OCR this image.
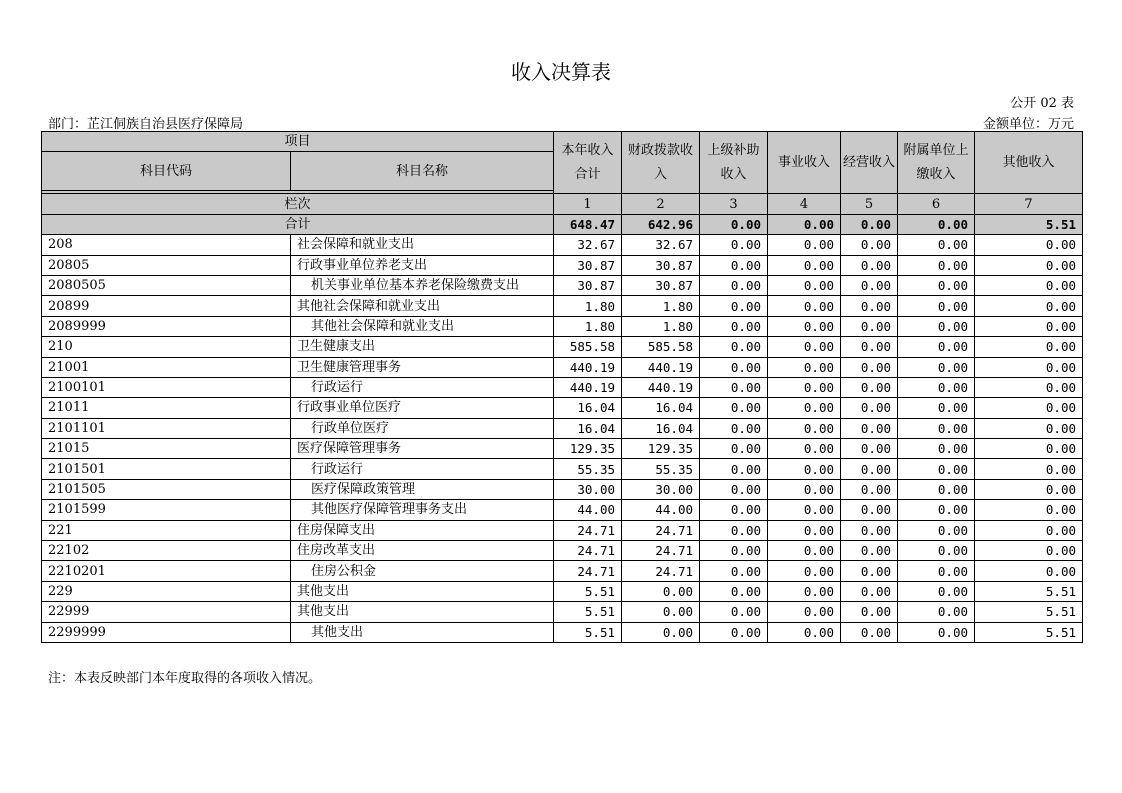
收入决算表
公开 02 表
部门：芷江侗族自治县医疗保障局	金额单位：万元
项目		本年收入合计	财政拨款收入	上级补助收入	事业收入	经营收入	附属单位上缴收入	其他收入
科目代码	科目名称							

栏次		1	2	3	4	5	6	7
合计		648.47	642.96	0.00	0.00	0.00	0.00	5.51
208	社会保障和就业支出	32.67	32.67	0.00	0.00	0.00	0.00	0.00
20805	行政事业单位养老支出	30.87	30.87	0.00	0.00	0.00	0.00	0.00
2080505	机关事业单位基本养老保险缴费支出	30.87	30.87	0.00	0.00	0.00	0.00	0.00
20899	其他社会保障和就业支出	1.80	1.80	0.00	0.00	0.00	0.00	0.00
2089999	其他社会保障和就业支出	1.80	1.80	0.00	0.00	0.00	0.00	0.00
210	卫生健康支出	585.58	585.58	0.00	0.00	0.00	0.00	0.00
21001	卫生健康管理事务	440.19	440.19	0.00	0.00	0.00	0.00	0.00
2100101	行政运行	440.19	440.19	0.00	0.00	0.00	0.00	0.00
21011	行政事业单位医疗	16.04	16.04	0.00	0.00	0.00	0.00	0.00
2101101	行政单位医疗	16.04	16.04	0.00	0.00	0.00	0.00	0.00
21015	医疗保障管理事务	129.35	129.35	0.00	0.00	0.00	0.00	0.00
2101501	行政运行	55.35	55.35	0.00	0.00	0.00	0.00	0.00
2101505	医疗保障政策管理	30.00	30.00	0.00	0.00	0.00	0.00	0.00
2101599	其他医疗保障管理事务支出	44.00	44.00	0.00	0.00	0.00	0.00	0.00
221	住房保障支出	24.71	24.71	0.00	0.00	0.00	0.00	0.00
22102	住房改革支出	24.71	24.71	0.00	0.00	0.00	0.00	0.00
2210201	住房公积金	24.71	24.71	0.00	0.00	0.00	0.00	0.00
229	其他支出	5.51	0.00	0.00	0.00	0.00	0.00	5.51
22999	其他支出	5.51	0.00	0.00	0.00	0.00	0.00	5.51
2299999	其他支出	5.51	0.00	0.00	0.00	0.00	0.00	5.51
注：本表反映部门本年度取得的各项收入情况。
